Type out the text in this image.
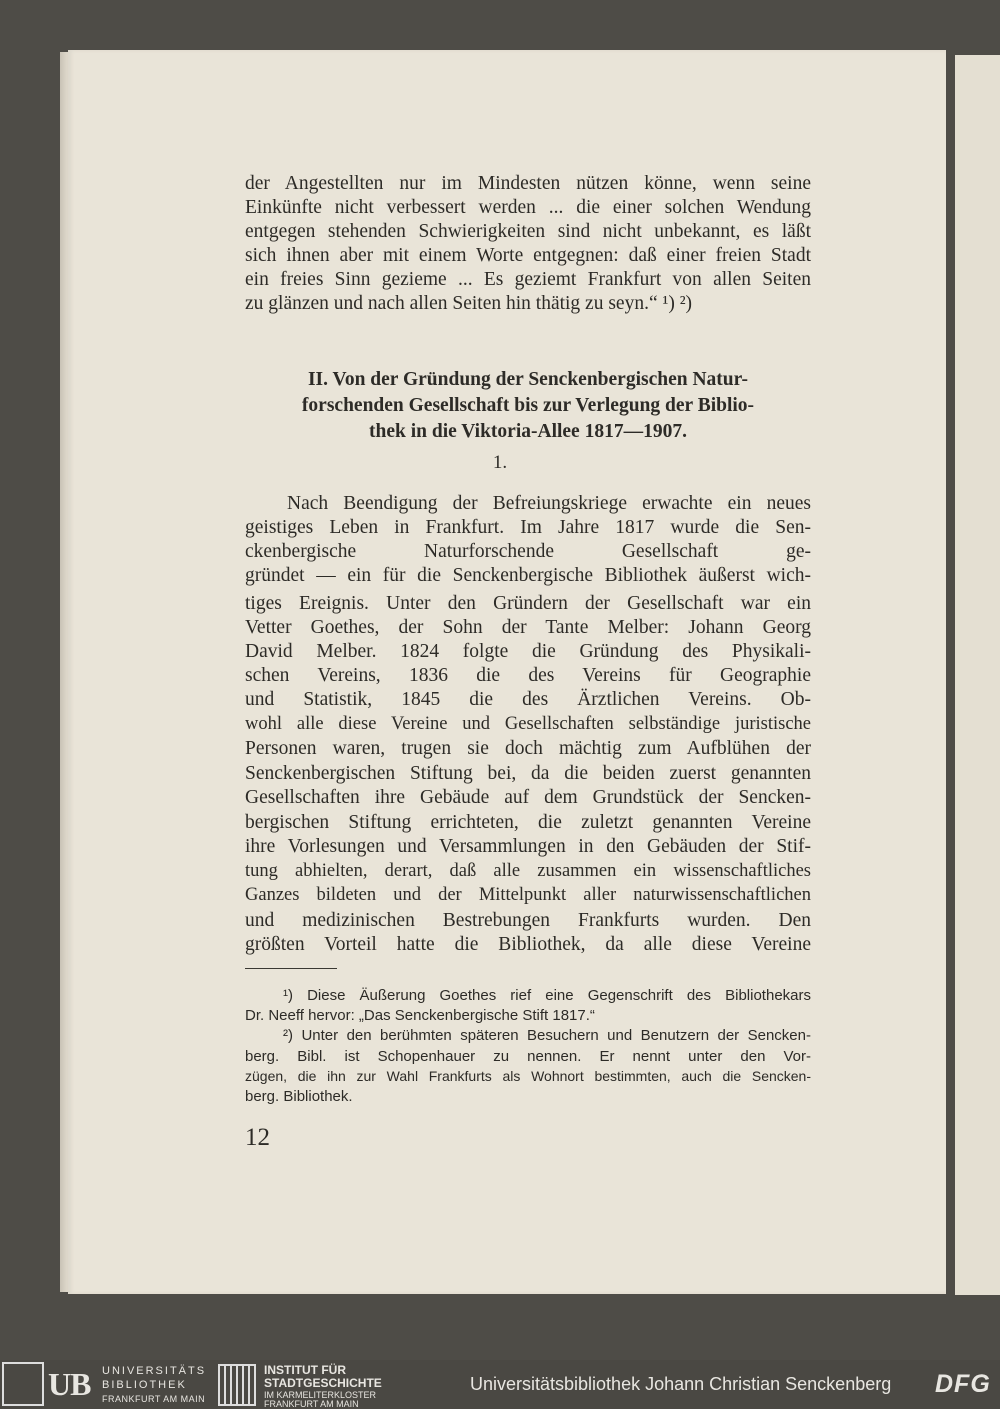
der Angestellten nur im Mindesten nützen könne, wenn seine
Einkünfte nicht verbessert werden ... die einer solchen Wendung
entgegen stehenden Schwierigkeiten sind nicht unbekannt, es läßt
sich ihnen aber mit einem Worte entgegnen: daß einer freien Stadt
ein freies Sinn gezieme ... Es geziemt Frankfurt von allen Seiten
zu glänzen und nach allen Seiten hin thätig zu seyn.“ ¹) ²)
II. Von der Gründung der Senckenbergischen Natur-
forschenden Gesellschaft bis zur Verlegung der Biblio-
thek in die Viktoria-Allee 1817—1907.
1.
Nach Beendigung der Befreiungskriege erwachte ein neues
geistiges Leben in Frankfurt. Im Jahre 1817 wurde die Sen-
ckenbergische Naturforschende Gesellschaft ge-
gründet — ein für die Senckenbergische Bibliothek äußerst wich-
tiges Ereignis. Unter den Gründern der Gesellschaft war ein
Vetter Goethes, der Sohn der Tante Melber: Johann Georg
David Melber. 1824 folgte die Gründung des Physikali-
schen Vereins, 1836 die des Vereins für Geographie
und Statistik, 1845 die des Ärztlichen Vereins. Ob-
wohl alle diese Vereine und Gesellschaften selbständige juristische
Personen waren, trugen sie doch mächtig zum Aufblühen der
Senckenbergischen Stiftung bei, da die beiden zuerst genannten
Gesellschaften ihre Gebäude auf dem Grundstück der Sencken-
bergischen Stiftung errichteten, die zuletzt genannten Vereine
ihre Vorlesungen und Versammlungen in den Gebäuden der Stif-
tung abhielten, derart, daß alle zusammen ein wissenschaftliches
Ganzes bildeten und der Mittelpunkt aller naturwissenschaftlichen
und medizinischen Bestrebungen Frankfurts wurden. Den
größten Vorteil hatte die Bibliothek, da alle diese Vereine
¹) Diese Äußerung Goethes rief eine Gegenschrift des Bibliothekars
Dr. Neeff hervor: „Das Senckenbergische Stift 1817.“
²) Unter den berühmten späteren Besuchern und Benutzern der Sencken-
berg. Bibl. ist Schopenhauer zu nennen. Er nennt unter den Vor-
zügen, die ihn zur Wahl Frankfurts als Wohnort bestimmten, auch die Sencken-
berg. Bibliothek.
12
UB UNIVERSITÄTS
BIBLIOTHEK
FRANKFURT AM MAIN
INSTITUT FÜR
STADTGESCHICHTE
IM KARMELITERKLOSTER
FRANKFURT AM MAIN
Universitätsbibliothek Johann Christian Senckenberg DFG
